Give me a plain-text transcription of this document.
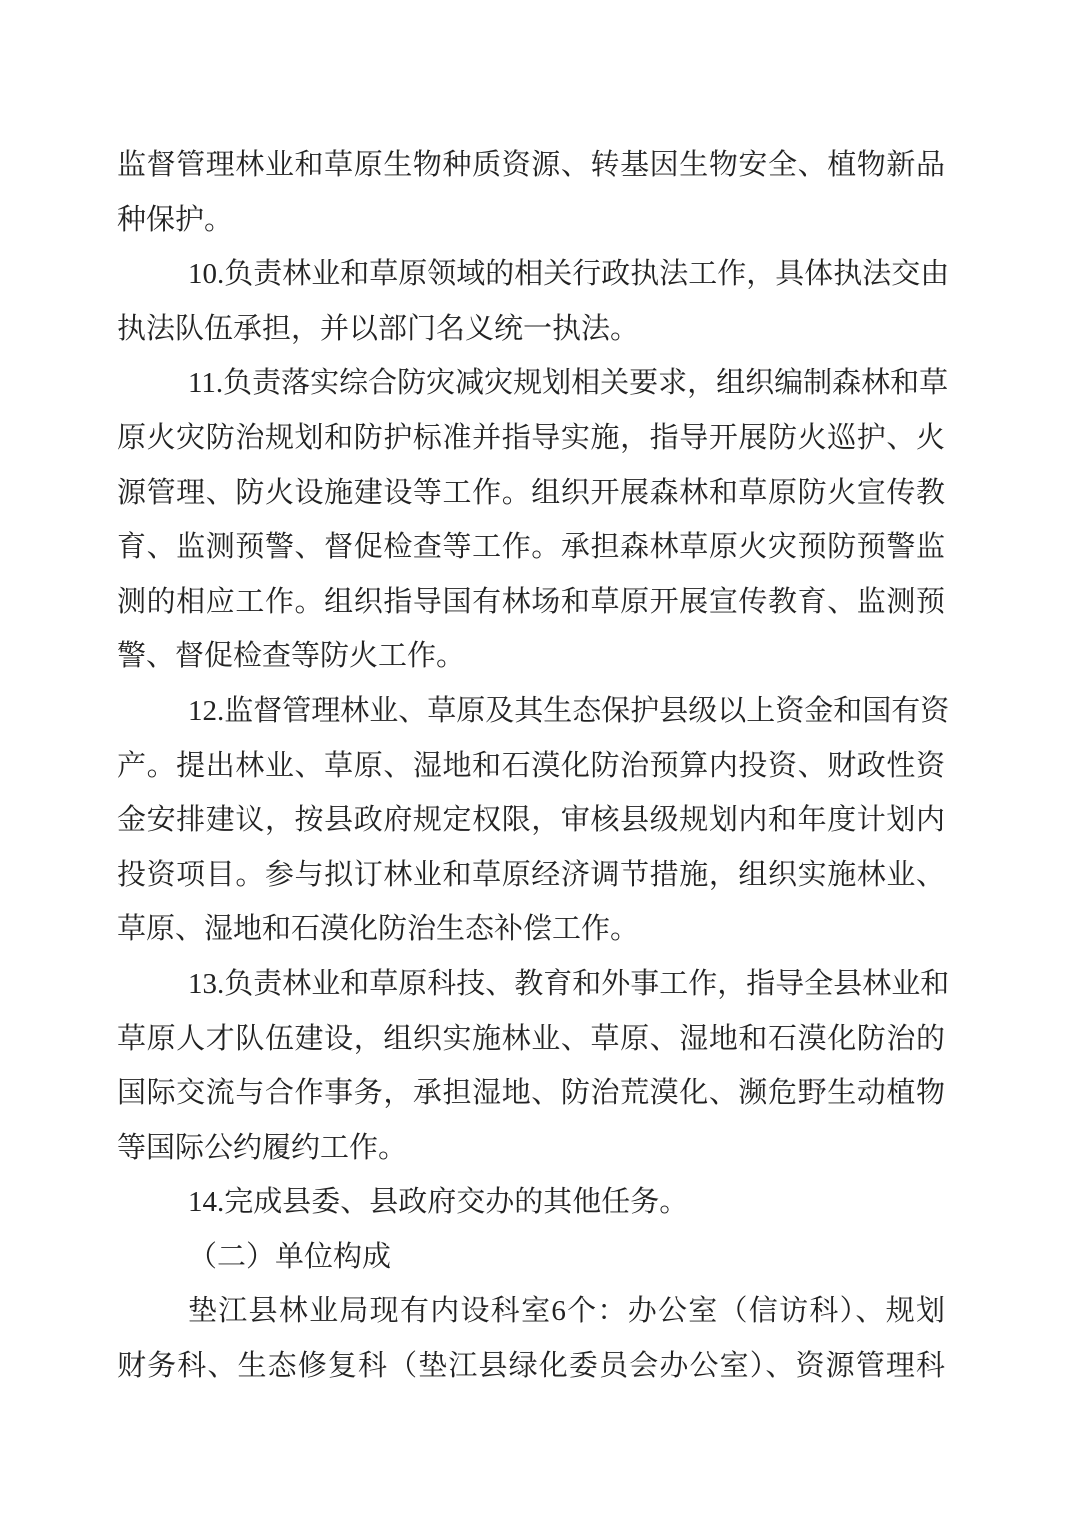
监督管理林业和草原生物种质资源、转基因生物安全、植物新品
种保护。
10.负责林业和草原领域的相关行政执法工作，具体执法交由
执法队伍承担，并以部门名义统一执法。
11.负责落实综合防灾减灾规划相关要求，组织编制森林和草
原火灾防治规划和防护标准并指导实施，指导开展防火巡护、火
源管理、防火设施建设等工作。组织开展森林和草原防火宣传教
育、监测预警、督促检查等工作。承担森林草原火灾预防预警监
测的相应工作。组织指导国有林场和草原开展宣传教育、监测预
警、督促检查等防火工作。
12.监督管理林业、草原及其生态保护县级以上资金和国有资
产。提出林业、草原、湿地和石漠化防治预算内投资、财政性资
金安排建议，按县政府规定权限，审核县级规划内和年度计划内
投资项目。参与拟订林业和草原经济调节措施，组织实施林业、
草原、湿地和石漠化防治生态补偿工作。
13.负责林业和草原科技、教育和外事工作，指导全县林业和
草原人才队伍建设，组织实施林业、草原、湿地和石漠化防治的
国际交流与合作事务，承担湿地、防治荒漠化、濒危野生动植物
等国际公约履约工作。
14.完成县委、县政府交办的其他任务。
（二）单位构成
垫江县林业局现有内设科室6个：办公室（信访科）、规划
财务科、生态修复科（垫江县绿化委员会办公室）、资源管理科
